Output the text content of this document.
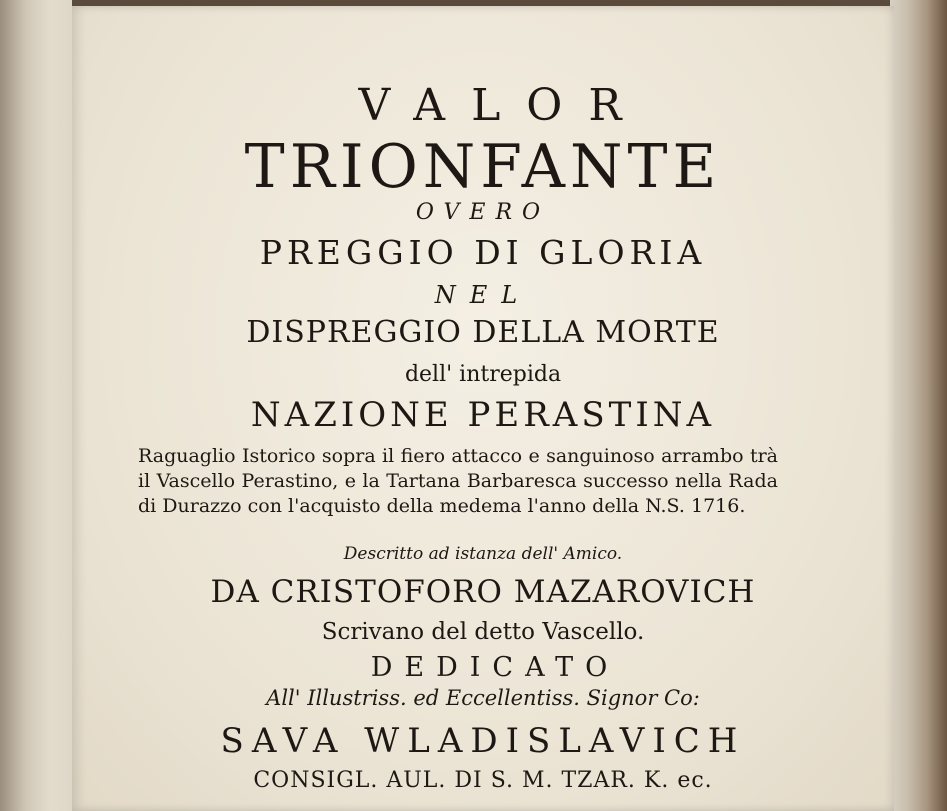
VALOR
TRIONFANTE
OVERO
PREGGIO DI GLORIA
NEL
DISPREGGIO DELLA MORTE
dell' intrepida
NAZIONE PERASTINA
Raguaglio Istorico sopra il fiero attacco e sanguinoso arrambo trà il Vascello Perastino, e la Tartana Barbaresca successo nella Rada di Durazzo con l'acquisto della medema l'anno della N.S. 1716.
Descritto ad istanza dell' Amico.
DA CRISTOFORO MAZAROVICH
Scrivano del detto Vascello.
DEDICATO
All' Illustriss. ed Eccellentiss. Signor Co:
SAVA WLADISLAVICH
CONSIGL. AUL. DI S. M. TZAR. K. ec.
